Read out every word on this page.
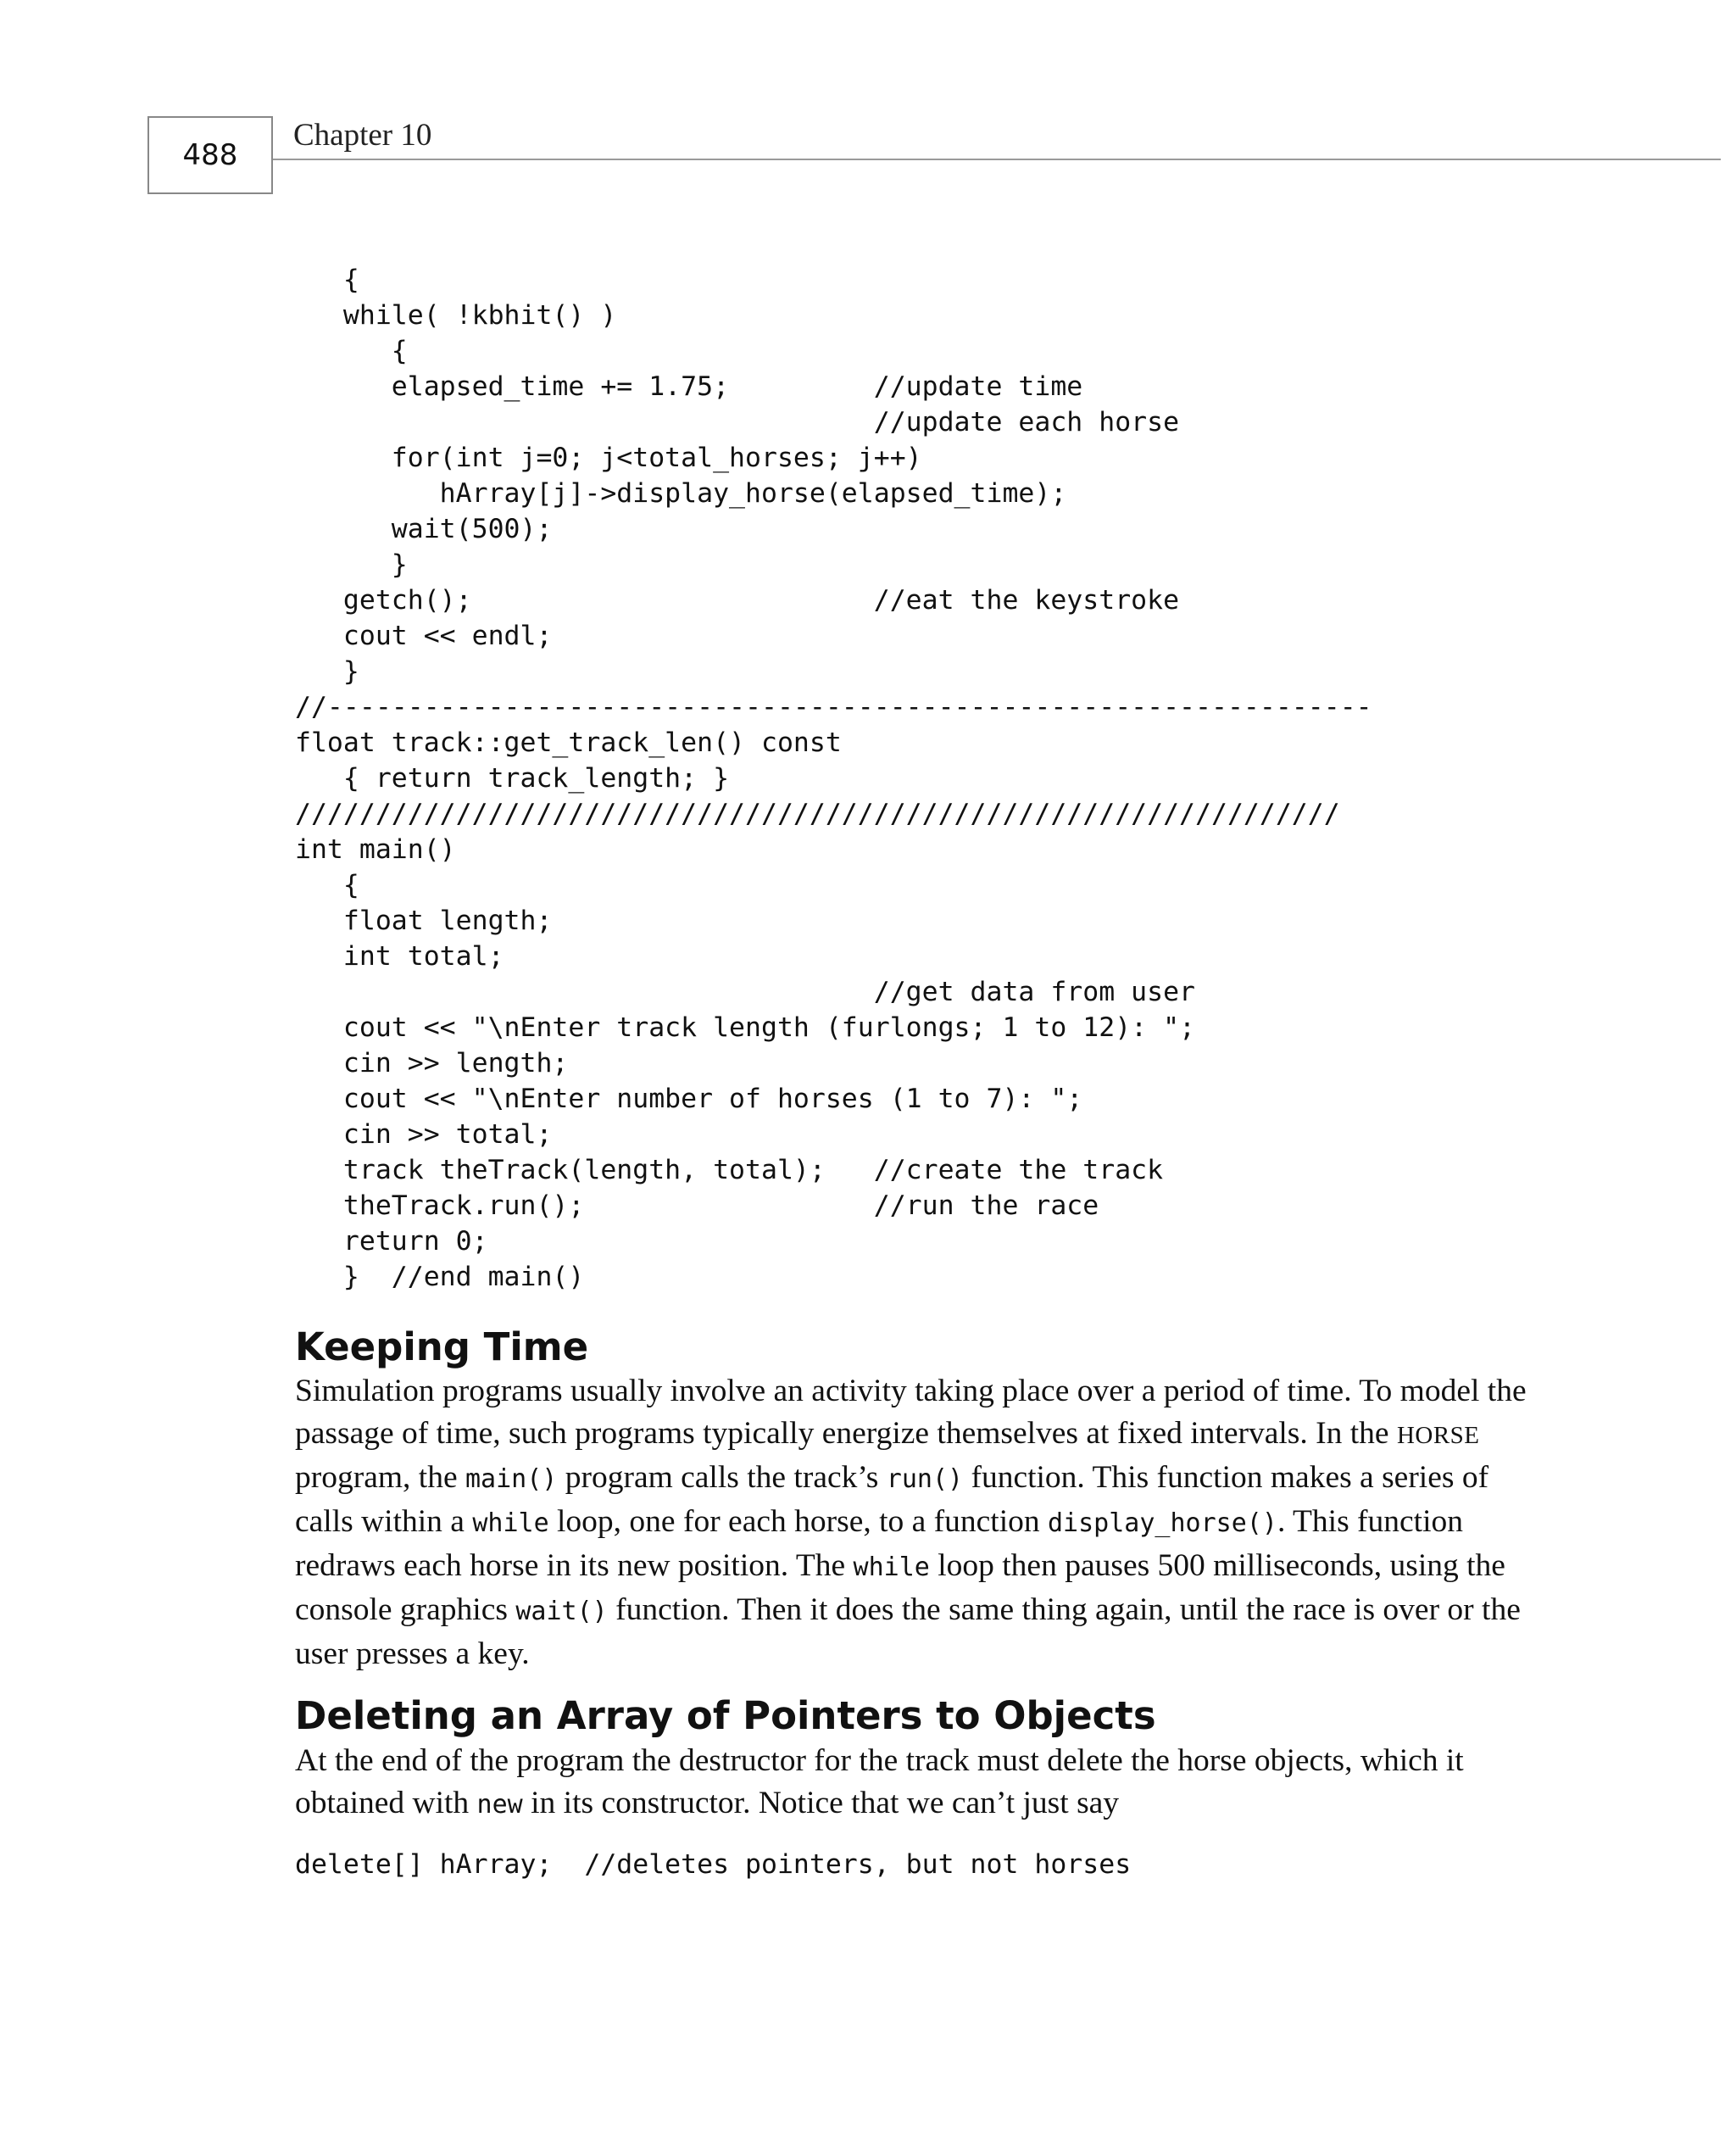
488
Chapter 10
{
while( !kbhit() )
{
elapsed_time += 1.75;         //update time
//update each horse
for(int j=0; j<total_horses; j++)
hArray[j]->display_horse(elapsed_time);
wait(500);
}
getch();                         //eat the keystroke
cout << endl;
}
//-----------------------------------------------------------------
float track::get_track_len() const
{ return track_length; }
/////////////////////////////////////////////////////////////////
int main()
{
float length;
int total;
//get data from user
cout << "\nEnter track length (furlongs; 1 to 12): ";
cin >> length;
cout << "\nEnter number of horses (1 to 7): ";
cin >> total;
track theTrack(length, total);   //create the track
theTrack.run();                  //run the race
return 0;
}  //end main()
Keeping Time

Simulation programs usually involve an activity taking place over a period of time. To model the passage of time, such programs typically energize themselves at fixed intervals. In the HORSE program, the main() program calls the track’s run() function. This function makes a series of calls within a while loop, one for each horse, to a function display_horse(). This function redraws each horse in its new position. The while loop then pauses 500 milliseconds, using the console graphics wait() function. Then it does the same thing again, until the race is over or the user presses a key.

Deleting an Array of Pointers to Objects

At the end of the program the destructor for the track must delete the horse objects, which it obtained with new in its constructor. Notice that we can’t just say

delete[] hArray;  //deletes pointers, but not horses
